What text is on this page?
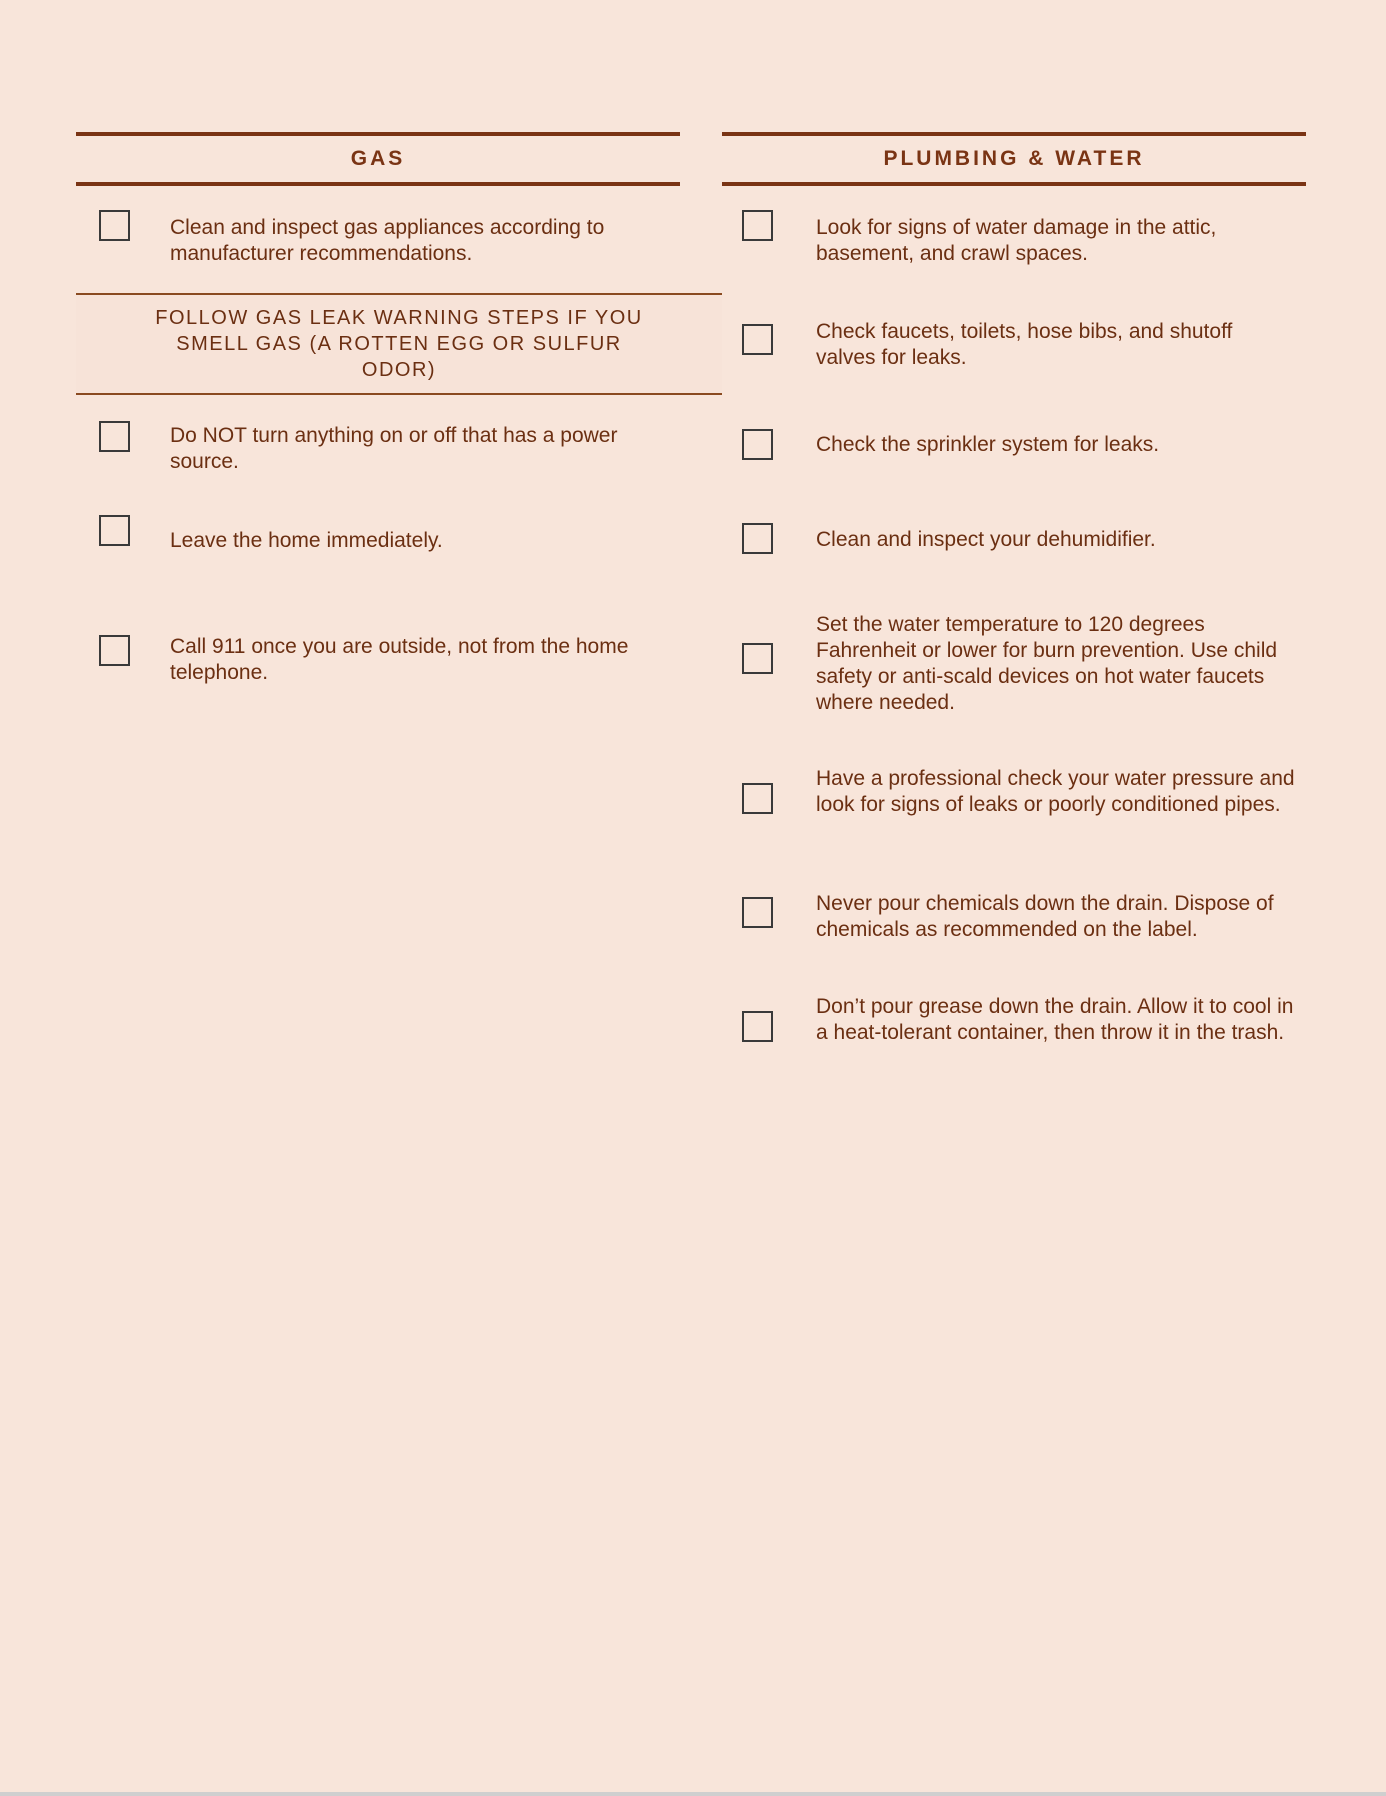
GAS
Clean and inspect gas appliances according to manufacturer recommendations.
FOLLOW GAS LEAK WARNING STEPS IF YOU SMELL GAS (A ROTTEN EGG OR SULFUR ODOR)
Do NOT turn anything on or off that has a power source.
Leave the home immediately.
Call 911 once you are outside, not from the home telephone.
PLUMBING & WATER
Look for signs of water damage in the attic, basement, and crawl spaces.
Check faucets, toilets, hose bibs, and shutoff valves for leaks.
Check the sprinkler system for leaks.
Clean and inspect your dehumidifier.
Set the water temperature to 120 degrees Fahrenheit or lower for burn prevention. Use child safety or anti-scald devices on hot water faucets where needed.
Have a professional check your water pressure and look for signs of leaks or poorly conditioned pipes.
Never pour chemicals down the drain. Dispose of chemicals as recommended on the label.
Don’t pour grease down the drain. Allow it to cool in a heat-tolerant container, then throw it in the trash.
